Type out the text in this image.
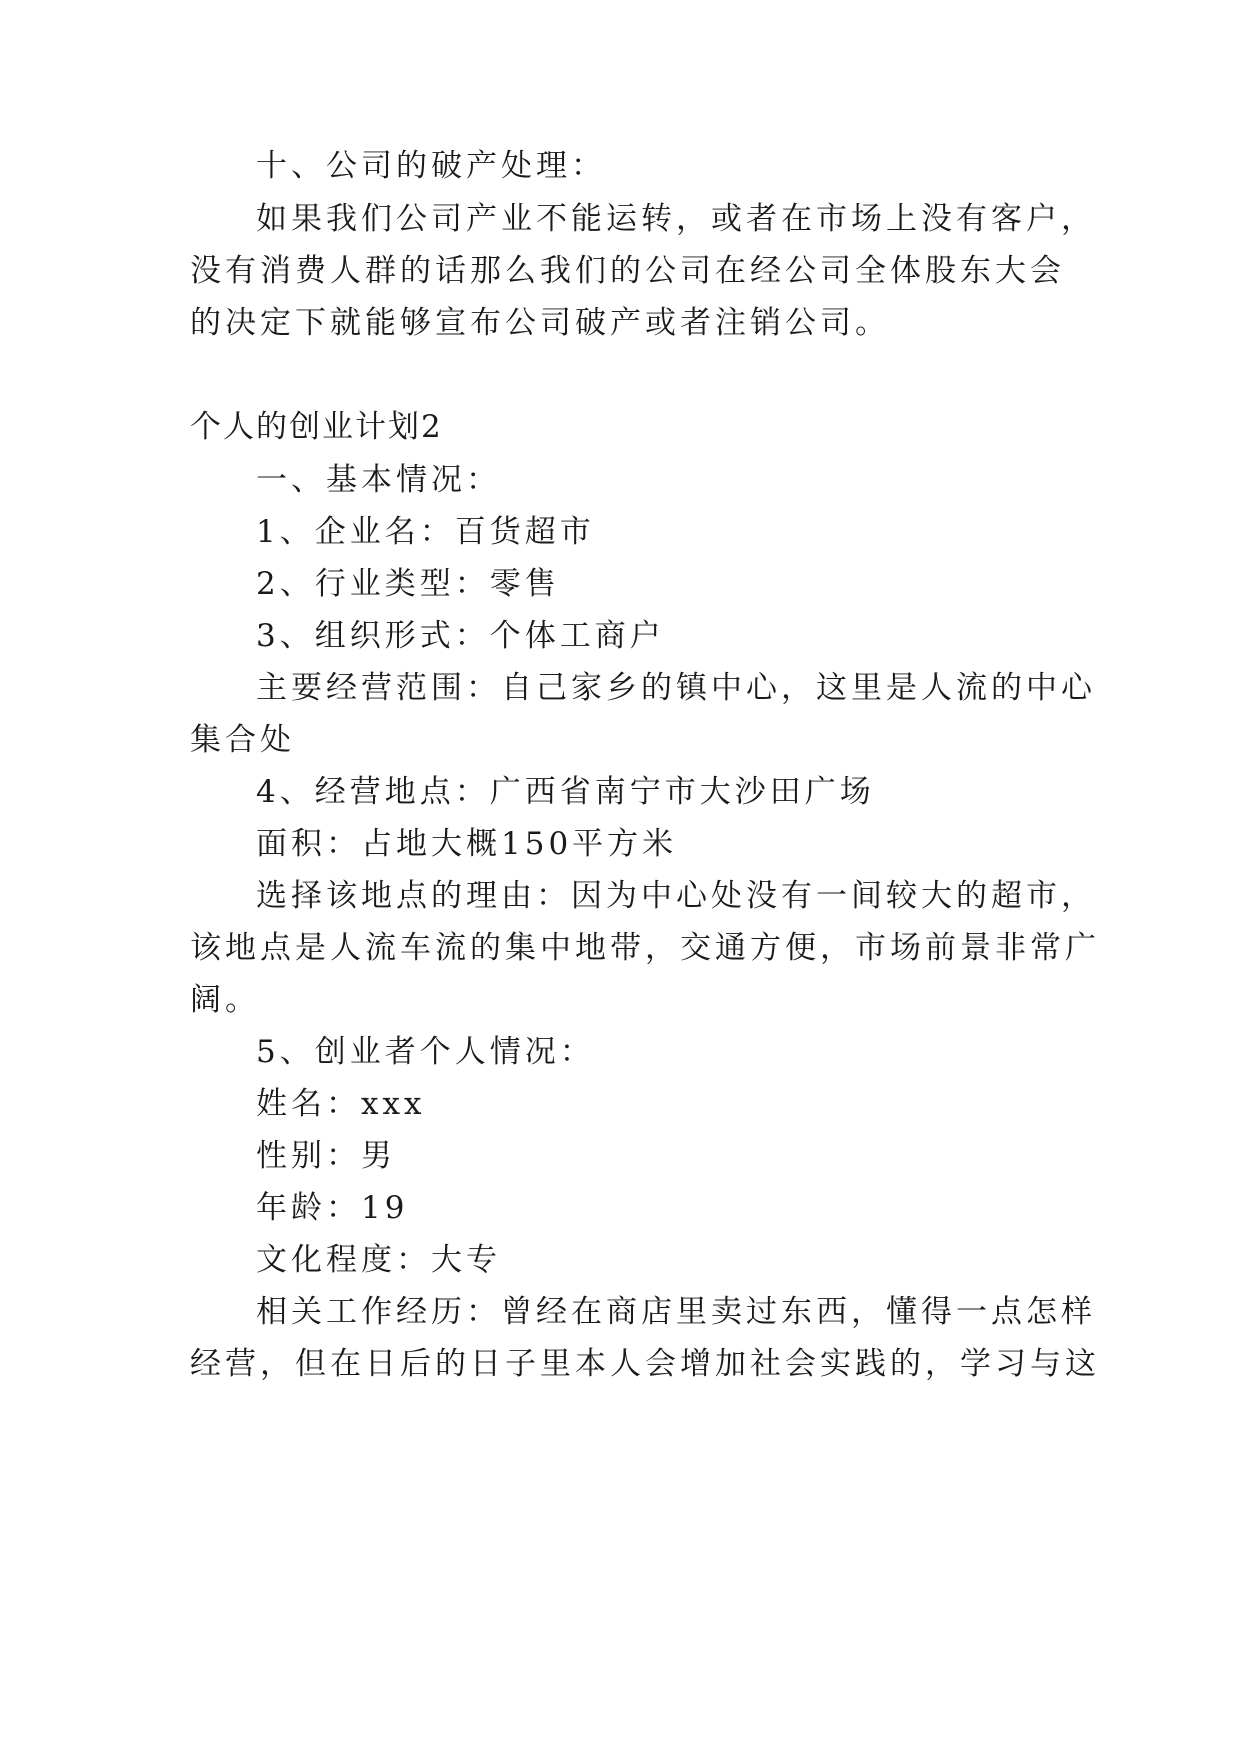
十、公司的破产处理：
如果我们公司产业不能运转，或者在市场上没有客户，
没有消费人群的话那么我们的公司在经公司全体股东大会
的决定下就能够宣布公司破产或者注销公司。
个人的创业计划2
一、基本情况：
1、企业名：百货超市
2、行业类型：零售
3、组织形式：个体工商户
主要经营范围：自己家乡的镇中心，这里是人流的中心
集合处
4、经营地点：广西省南宁市大沙田广场
面积：占地大概150平方米
选择该地点的理由：因为中心处没有一间较大的超市，
该地点是人流车流的集中地带，交通方便，市场前景非常广
阔。
5、创业者个人情况：
姓名：xxx
性别：男
年龄：19
文化程度：大专
相关工作经历：曾经在商店里卖过东西，懂得一点怎样
经营，但在日后的日子里本人会增加社会实践的，学习与这
